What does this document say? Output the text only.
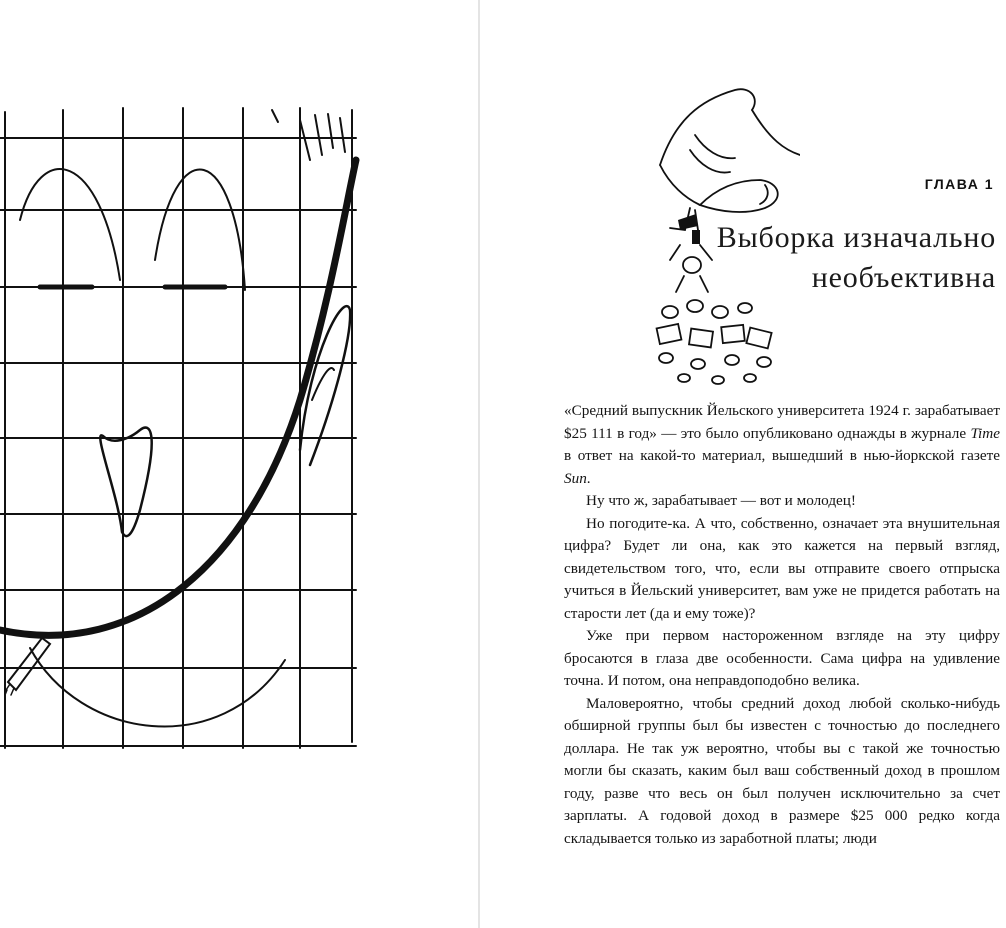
ГЛАВА 1
Выборка изначально
необъективна

«Средний выпускник Йельского университета 1924 г. зарабатывает $25 111 в год» — это было опубликовано однажды в журнале Time в ответ на какой-то материал, вышедший в нью-йоркской газете Sun.

Ну что ж, зарабатывает — вот и молодец!

Но погодите-ка. А что, собственно, означает эта внушительная цифра? Будет ли она, как это кажется на первый взгляд, свидетельством того, что, если вы отправите своего отпрыска учиться в Йельский университет, вам уже не придется работать на старости лет (да и ему тоже)?

Уже при первом настороженном взгляде на эту цифру бросаются в глаза две особенности. Сама цифра на удивление точна. И потом, она неправдоподобно велика.

Маловероятно, чтобы средний доход любой сколько-нибудь обширной группы был бы известен с точностью до последнего доллара. Не так уж вероятно, чтобы вы с такой же точностью могли бы сказать, каким был ваш собственный доход в прошлом году, разве что весь он был получен исключительно за счет зарплаты. А годовой доход в размере $25 000 редко когда складывается только из заработной платы; люди
